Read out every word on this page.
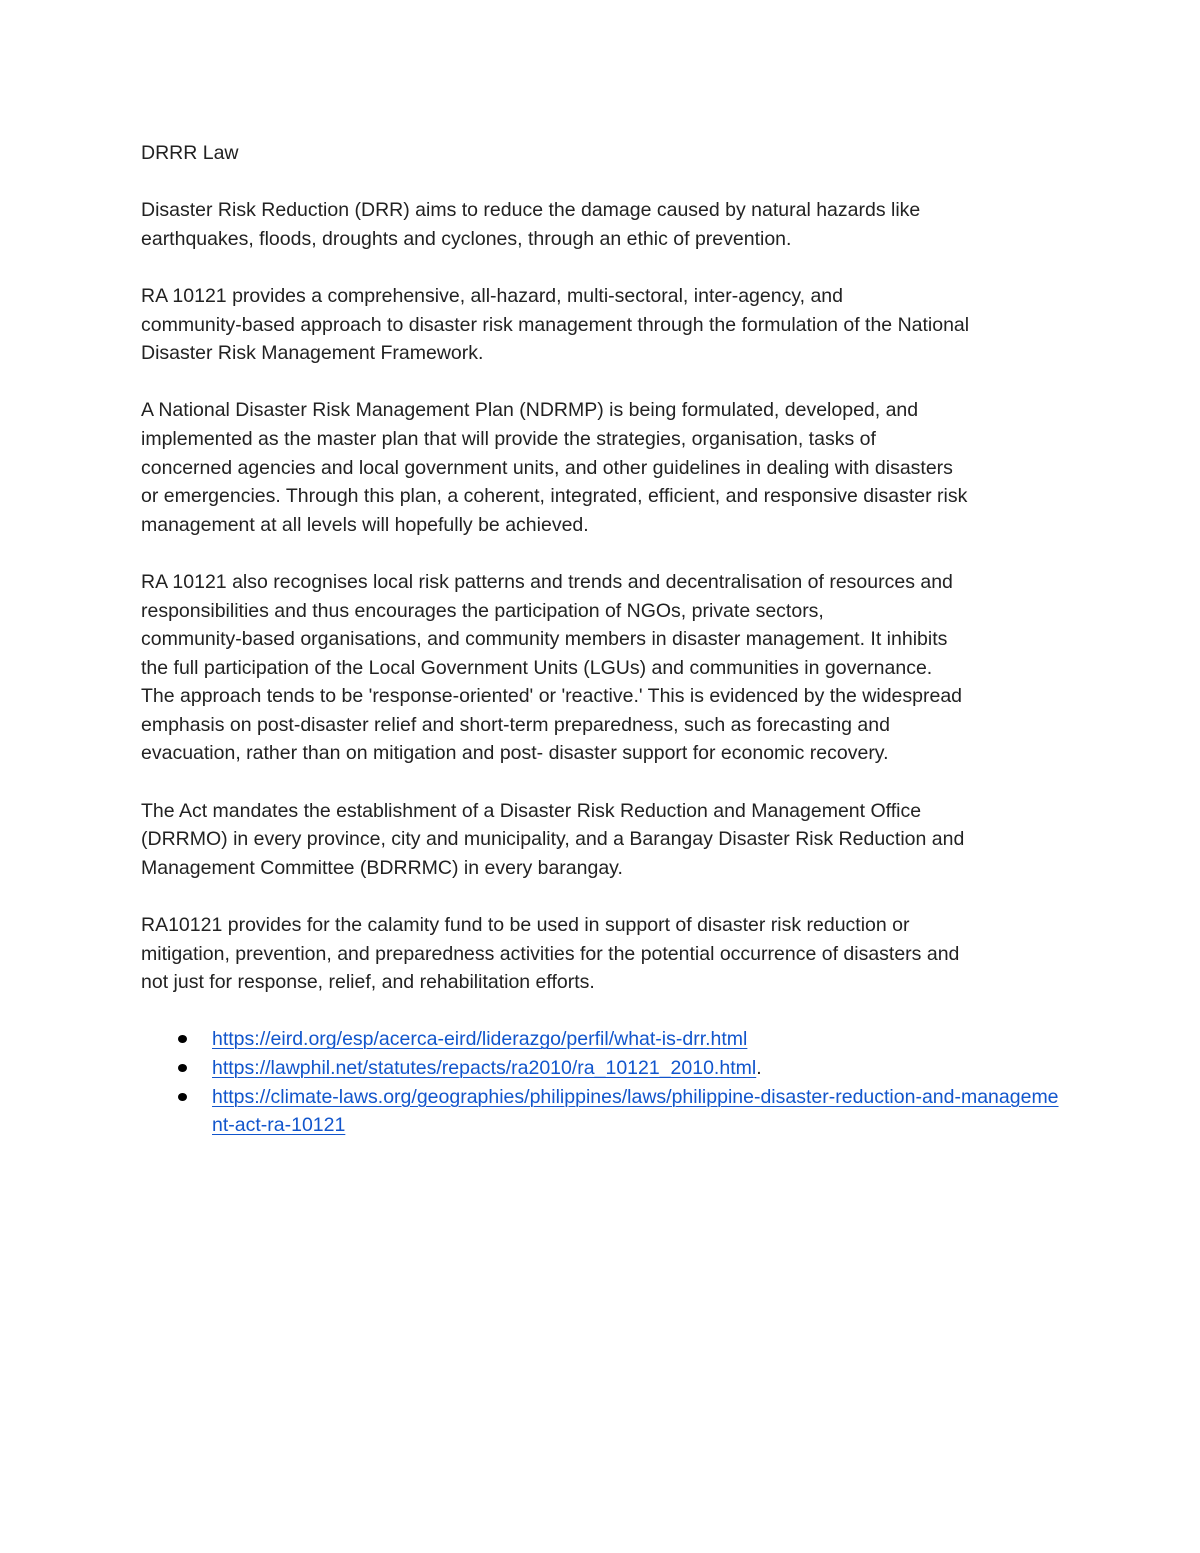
DRRR Law

Disaster Risk Reduction (DRR) aims to reduce the damage caused by natural hazards like
earthquakes, floods, droughts and cyclones, through an ethic of prevention.

RA 10121 provides a comprehensive, all-hazard, multi-sectoral, inter-agency, and
community-based approach to disaster risk management through the formulation of the National
Disaster Risk Management Framework.

A National Disaster Risk Management Plan (NDRMP) is being formulated, developed, and
implemented as the master plan that will provide the strategies, organisation, tasks of
concerned agencies and local government units, and other guidelines in dealing with disasters
or emergencies. Through this plan, a coherent, integrated, efficient, and responsive disaster risk
management at all levels will hopefully be achieved.

RA 10121 also recognises local risk patterns and trends and decentralisation of resources and
responsibilities and thus encourages the participation of NGOs, private sectors,
community-based organisations, and community members in disaster management. It inhibits
the full participation of the Local Government Units (LGUs) and communities in governance.
The approach tends to be 'response-oriented' or 'reactive.' This is evidenced by the widespread
emphasis on post-disaster relief and short-term preparedness, such as forecasting and
evacuation, rather than on mitigation and post- disaster support for economic recovery.

The Act mandates the establishment of a Disaster Risk Reduction and Management Office
(DRRMO) in every province, city and municipality, and a Barangay Disaster Risk Reduction and
Management Committee (BDRRMC) in every barangay.

RA10121 provides for the calamity fund to be used in support of disaster risk reduction or
mitigation, prevention, and preparedness activities for the potential occurrence of disasters and
not just for response, relief, and rehabilitation efforts.

https://eird.org/esp/acerca-eird/liderazgo/perfil/what-is-drr.html
https://lawphil.net/statutes/repacts/ra2010/ra_10121_2010.html.
https://climate-laws.org/geographies/philippines/laws/philippine-disaster-reduction-and-management-act-ra-10121
